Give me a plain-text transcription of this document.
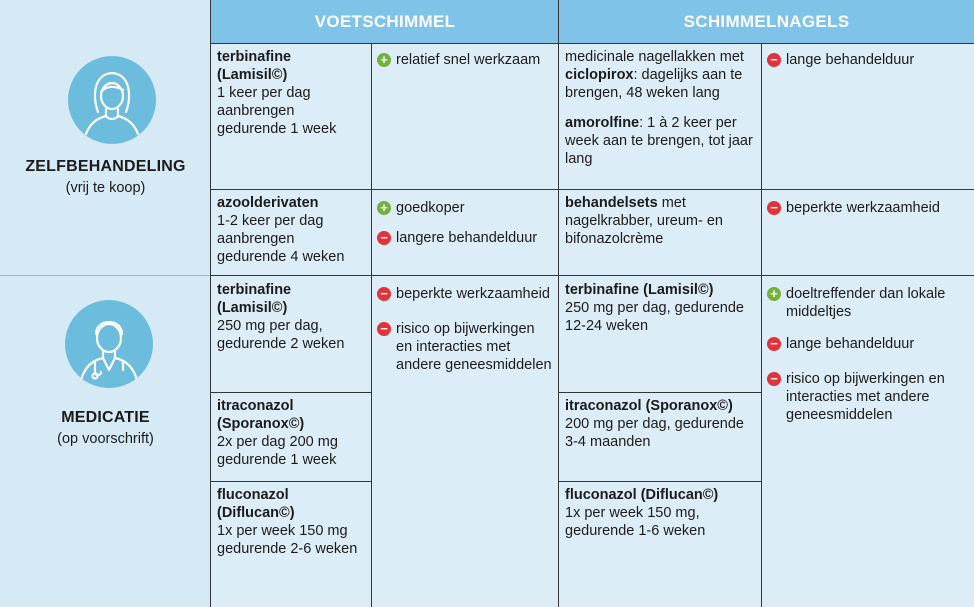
ZELFBEHANDELING
(vrij te koop)
MEDICATIE
(op voorschrift)
VOETSCHIMMEL	SCHIMMELNAGELS
terbinafine (Lamisil©)
1 keer per dag aanbrengen gedurende 1 week
+ relatief snel werkzaam
azoolderivaten
1-2 keer per dag aanbrengen gedurende 4 weken
+ goedkoper
− langere behandelduur
medicinale nagellakken met ciclopirox: dagelijks aan te brengen, 48 weken lang
amorolfine: 1 à 2 keer per week aan te brengen, tot jaar lang
− lange behandelduur
behandelsets met nagelkrabber, ureum- en bifonazolcrème
− beperkte werkzaamheid
terbinafine (Lamisil©)
250 mg per dag, gedurende 2 weken
itraconazol (Sporanox©)
2x per dag 200 mg gedurende 1 week
fluconazol (Diflucan©)
1x per week 150 mg gedurende 2-6 weken
− beperkte werkzaamheid
− risico op bijwerkingen en interacties met andere geneesmiddelen
terbinafine (Lamisil©)
250 mg per dag, gedurende 12-24 weken
itraconazol (Sporanox©)
200 mg per dag, gedurende 3-4 maanden
fluconazol (Diflucan©)
1x per week 150 mg, gedurende 1-6 weken
+ doeltreffender dan lokale middeltjes
− lange behandelduur
− risico op bijwerkingen en interacties met andere geneesmiddelen
